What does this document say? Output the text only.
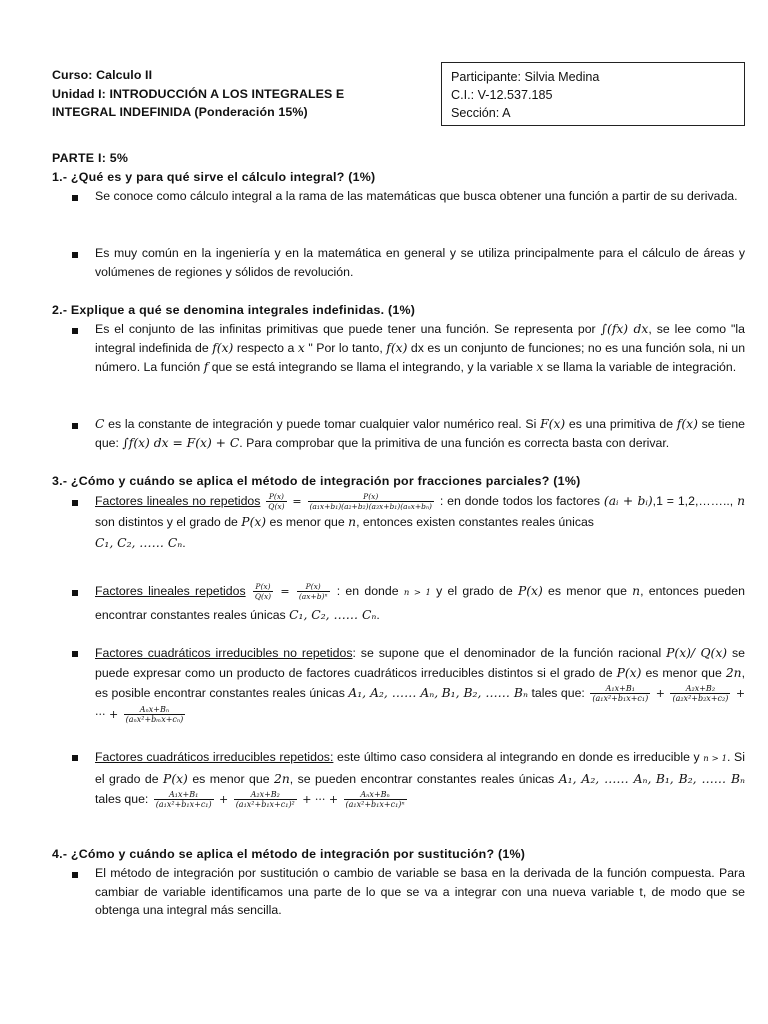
Curso: Calculo II
Unidad I: INTRODUCCIÓN A LOS INTEGRALES E
INTEGRAL INDEFINIDA (Ponderación 15%)
Participante: Silvia Medina
C.I.: V-12.537.185
Sección: A
PARTE I: 5%
1.- ¿Qué es y para qué sirve el cálculo integral? (1%)
Se conoce como cálculo integral a la rama de las matemáticas que busca obtener una función a partir de su derivada.
Es muy común en la ingeniería y en la matemática en general y se utiliza principalmente para el cálculo de áreas y volúmenes de regiones y sólidos de revolución.
2.- Explique a qué se denomina integrales indefinidas. (1%)
Es el conjunto de las infinitas primitivas que puede tener una función. Se representa por ∫(fx) dx, se lee como "la integral indefinida de f(x) respecto a x " Por lo tanto, f(x) dx es un conjunto de funciones; no es una función sola, ni un número. La función f que se está integrando se llama el integrando, y la variable x se llama la variable de integración.
C es la constante de integración y puede tomar cualquier valor numérico real. Si F(x) es una primitiva de f(x) se tiene que: ∫f(x) dx = F(x) + C. Para comprobar que la primitiva de una función es correcta basta con derivar.
3.- ¿Cómo y cuándo se aplica el método de integración por fracciones parciales? (1%)
Factores lineales no repetidos $\frac{P(x)}{Q(x)} = \frac{P(x)}{\text{(a₁x+b₁)(a₂+b₂)(a₃x+b₁)(aₙx+bₙ)}}$ : en donde todos los factores (aᵢ + bᵢ),1 = 1,2,…….., n son distintos y el grado de P(x) es menor que n, entonces existen constantes reales únicas
C₁, C₂, …… Cₙ.
Factores lineales repetidos $\frac{P(x)}{Q(x)} = \frac{P(x)}{\text{(ax+b)ⁿ}}$ : en donde n > 1 y el grado de P(x) es menor que n, entonces pueden encontrar constantes reales únicas C₁, C₂, …… Cₙ.
Factores cuadráticos irreducibles no repetidos: se supone que el denominador de la función racional P(x)/ Q(x) se puede expresar como un producto de factores cuadráticos irreducibles distintos si el grado de P(x) es menor que 2n, es posible encontrar constantes reales únicas A₁, A₂, …… Aₙ, B₁, B₂, …… Bₙ tales que: $\frac{\text{A₁x+B₁}}{\text{(a₁x²+b₁x+c₁)}} + \frac{\text{A₂x+B₂}}{\text{(a₂x²+b₂x+c₂)}}$ + ··· + $\frac{\text{Aₙx+Bₙ}}{\text{(aₙx²+bₘx+cₙ)}}$
Factores cuadráticos irreducibles repetidos: este último caso considera al integrando en donde es irreducible y n > 1. Si el grado de P(x) es menor que 2n, se pueden encontrar constantes reales únicas A₁, A₂, …… Aₙ, B₁, B₂, …… Bₙ tales que: $\frac{\text{A₁x+B₁}}{\text{(a₁x²+b₁x+c₁)}} + \frac{\text{A₂x+B₂}}{\text{(a₁x²+b₁x+c₁)²}}$ + ··· + $\frac{\text{Aₙx+Bₙ}}{\text{(a₁x²+b₁x+c₁)ⁿ}}$
4.- ¿Cómo y cuándo se aplica el método de integración por sustitución? (1%)
El método de integración por sustitución o cambio de variable se basa en la derivada de la función compuesta. Para cambiar de variable identificamos una parte de lo que se va a integrar con una nueva variable t, de modo que se obtenga una integral más sencilla.
